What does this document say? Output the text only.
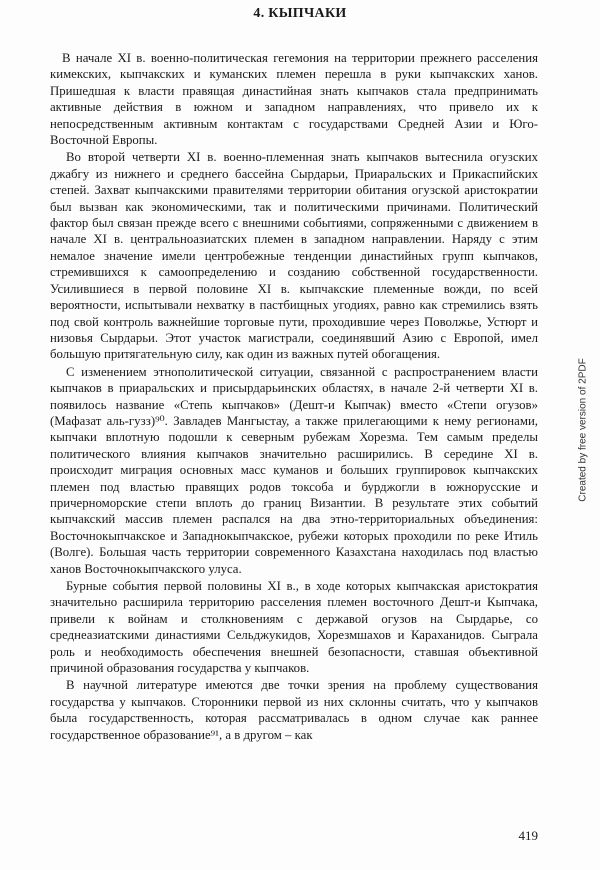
4. КЫПЧАКИ

В начале XI в. военно-политическая гегемония на территории прежнего расселения кимекских, кыпчакских и куманских племен перешла в руки кыпчакских ханов. Пришедшая к власти правящая династийная знать кыпчаков стала предпринимать активные действия в южном и западном направлениях, что привело их к непосредственным активным контактам с государствами Средней Азии и Юго-Восточной Европы.

Во второй четверти XI в. военно-племенная знать кыпчаков вытеснила огузских джабгу из нижнего и среднего бассейна Сырдарьи, Приаральских и Прикаспийских степей. Захват кыпчакскими правителями территории обитания огузской аристократии был вызван как экономическими, так и политическими причинами. Политический фактор был связан прежде всего с внешними событиями, сопряженными с движением в начале XI в. центральноазиатских племен в западном направлении. Наряду с этим немалое значение имели центробежные тенденции династийных групп кыпчаков, стремившихся к самоопределению и созданию собственной государственности. Усилившиеся в первой половине XI в. кыпчакские племенные вожди, по всей вероятности, испытывали нехватку в пастбищных угодиях, равно как стремились взять под свой контроль важнейшие торговые пути, проходившие через Поволжье, Устюрт и низовья Сырдарьи. Этот участок магистрали, соединявший Азию с Европой, имел большую притягательную силу, как один из важных путей обогащения.

С изменением этнополитической ситуации, связанной с распространением власти кыпчаков в приаральских и присырдарьинских областях, в начале 2-й четверти XI в. появилось название «Степь кыпчаков» (Дешт-и Кыпчак) вместо «Степи огузов» (Мафазат аль-гузз)⁹⁰. Завладев Мангыстау, а также прилегающими к нему регионами, кыпчаки вплотную подошли к северным рубежам Хорезма. Тем самым пределы политического влияния кыпчаков значительно расширились. В середине XI в. происходит миграция основных масс куманов и больших группировок кыпчакских племен под властью правящих родов токсоба и бурджогли в южнорусские и причерноморские степи вплоть до границ Византии. В результате этих событий кыпчакский массив племен распался на два этно-территориальных объединения: Восточнокыпчакское и Западнокыпчакское, рубежи которых проходили по реке Итиль (Волге). Большая часть территории современного Казахстана находилась под властью ханов Восточнокыпчакского улуса.

Бурные события первой половины XI в., в ходе которых кыпчакская аристократия значительно расширила территорию расселения племен восточного Дешт-и Кыпчака, привели к войнам и столкновениям с державой огузов на Сырдарье, со среднеазиатскими династиями Сельджукидов, Хорезмшахов и Караханидов. Сыграла роль и необходимость обеспечения внешней безопасности, ставшая объективной причиной образования государства у кыпчаков.

В научной литературе имеются две точки зрения на проблему существования государства у кыпчаков. Сторонники первой из них склонны считать, что у кыпчаков была государственность, которая рассматривалась в одном случае как раннее государственное образование⁹¹, а в другом – как

419
Created by free version of 2PDF
